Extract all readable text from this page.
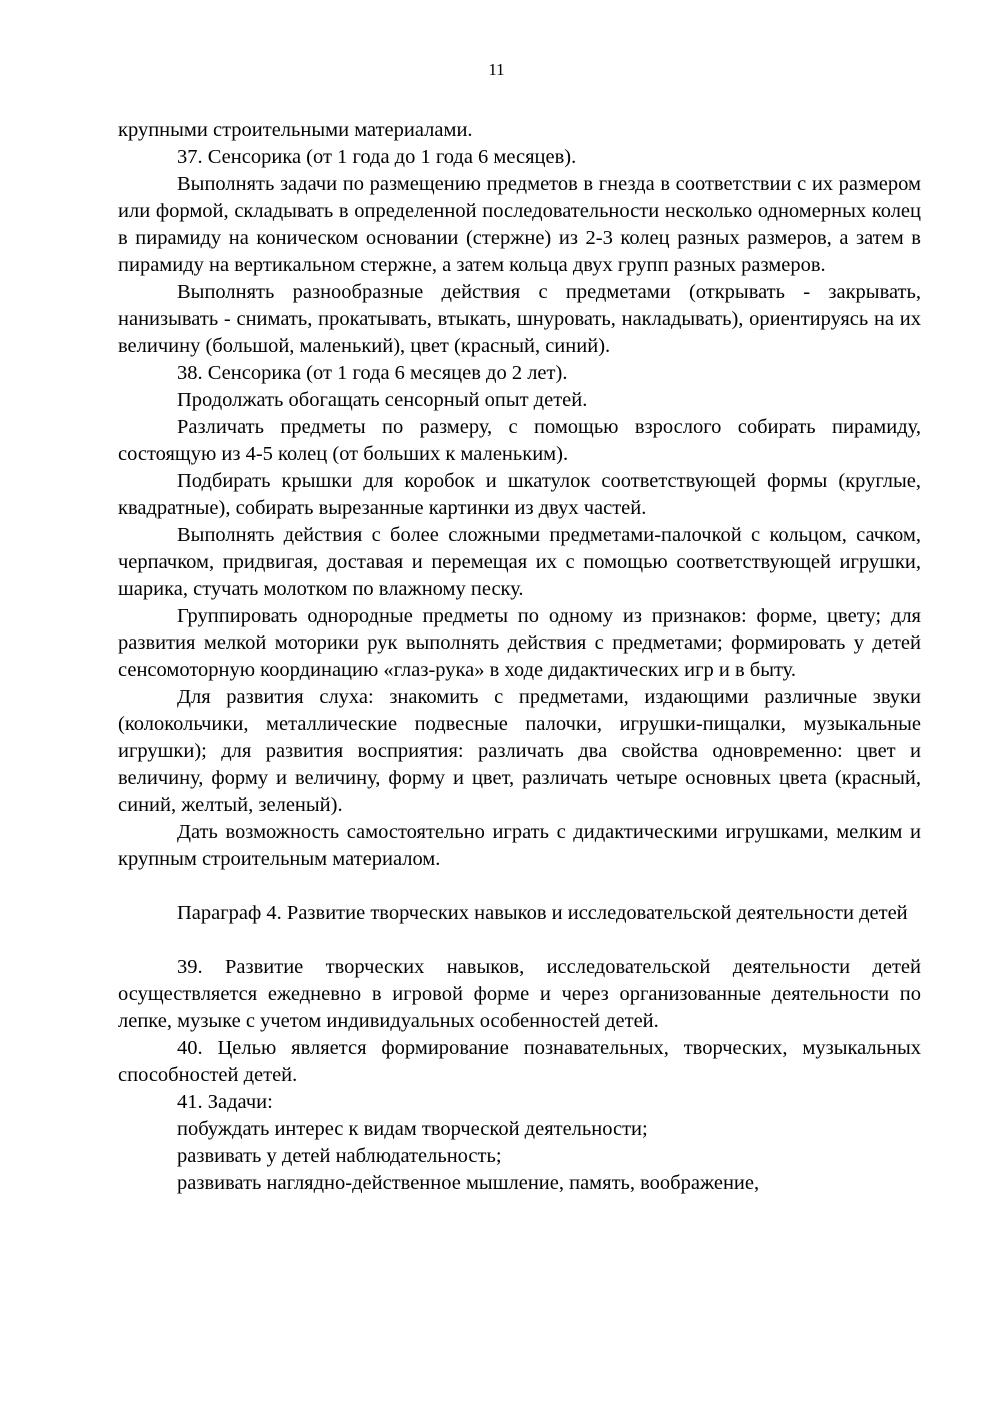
11

крупными строительными материалами.

37. Сенсорика (от 1 года до 1 года 6 месяцев).

Выполнять задачи по размещению предметов в гнезда в соответствии с их размером или формой, складывать в определенной последовательности несколько одномерных колец в пирамиду на коническом основании (стержне) из 2-3 колец разных размеров, а затем в пирамиду на вертикальном стержне, а затем кольца двух групп разных размеров.

Выполнять разнообразные действия с предметами (открывать - закрывать, нанизывать - снимать, прокатывать, втыкать, шнуровать, накладывать), ориентируясь на их величину (большой, маленький), цвет (красный, синий).

38. Сенсорика (от 1 года 6 месяцев до 2 лет).

Продолжать обогащать сенсорный опыт детей.

Различать предметы по размеру, с помощью взрослого собирать пирамиду, состоящую из 4-5 колец (от больших к маленьким).

Подбирать крышки для коробок и шкатулок соответствующей формы (круглые, квадратные), собирать вырезанные картинки из двух частей.

Выполнять действия с более сложными предметами-палочкой с кольцом, сачком, черпачком, придвигая, доставая и перемещая их с помощью соответствующей игрушки, шарика, стучать молотком по влажному песку.

Группировать однородные предметы по одному из признаков: форме, цвету; для развития мелкой моторики рук выполнять действия с предметами; формировать у детей сенсомоторную координацию «глаз-рука» в ходе дидактических игр и в быту.

Для развития слуха: знакомить с предметами, издающими различные звуки (колокольчики, металлические подвесные палочки, игрушки-пищалки, музыкальные игрушки); для развития восприятия: различать два свойства одновременно: цвет и величину, форму и величину, форму и цвет, различать четыре основных цвета (красный, синий, желтый, зеленый).

Дать возможность самостоятельно играть с дидактическими игрушками, мелким и крупным строительным материалом.

Параграф 4. Развитие творческих навыков и исследовательской деятельности детей

39. Развитие творческих навыков, исследовательской деятельности детей осуществляется ежедневно в игровой форме и через организованные деятельности по лепке, музыке с учетом индивидуальных особенностей детей.

40. Целью является формирование познавательных, творческих, музыкальных способностей детей.

41. Задачи:

побуждать интерес к видам творческой деятельности;

развивать у детей наблюдательность;

развивать наглядно-действенное мышление, память, воображение,
